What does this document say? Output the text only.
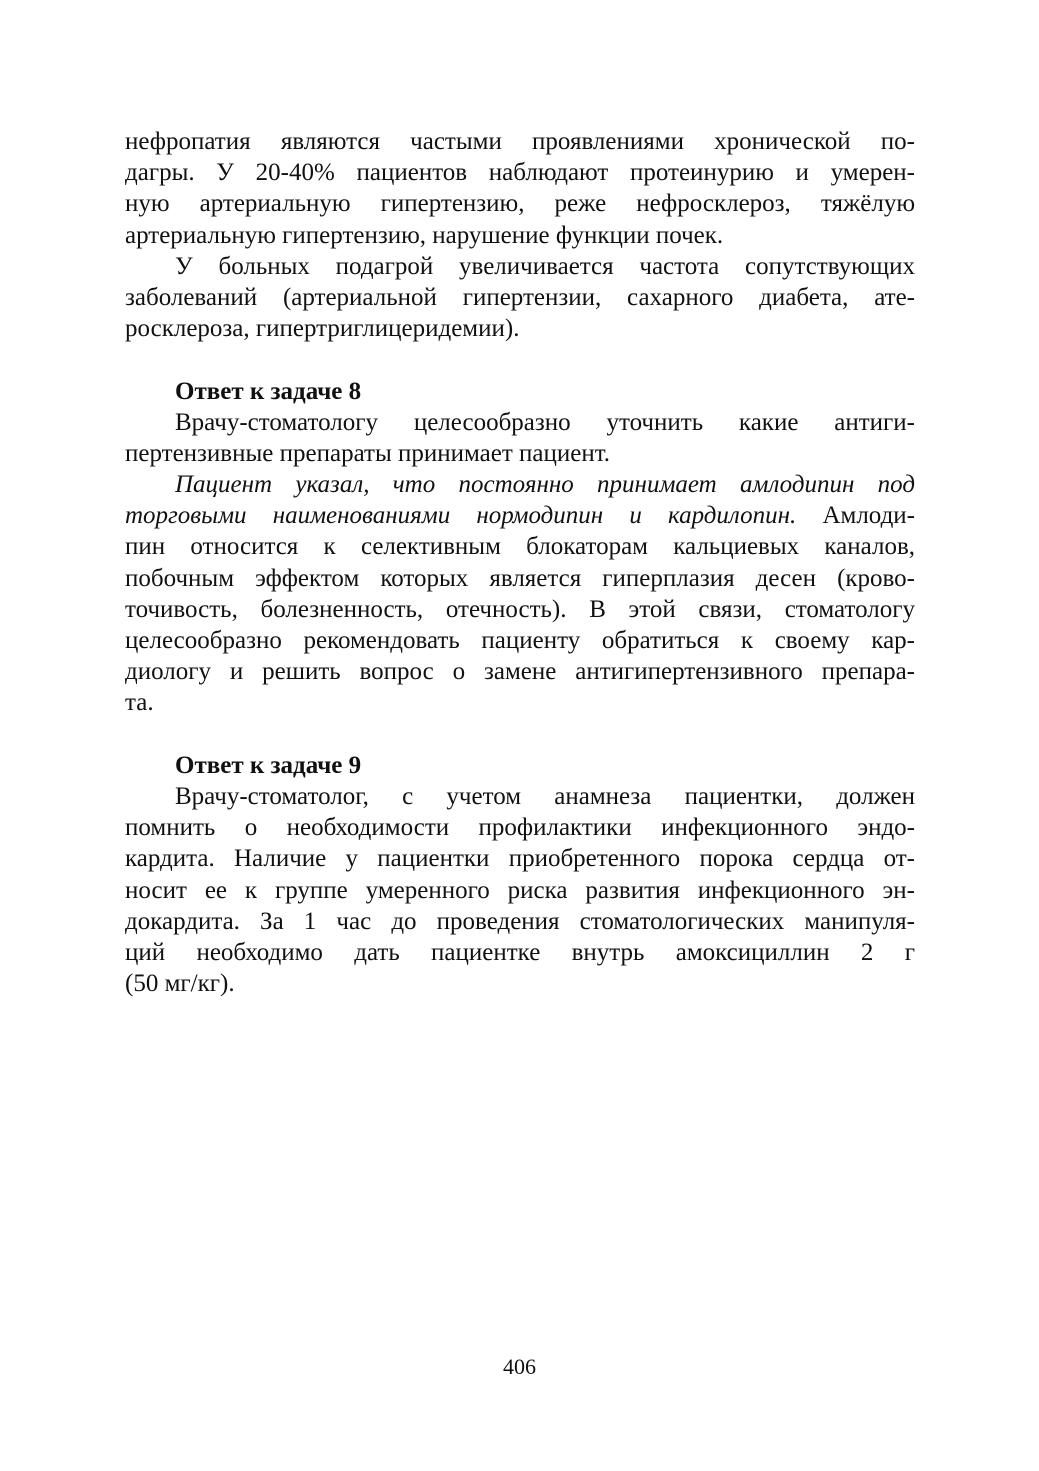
нефропатия являются частыми проявлениями хронической по-
дагры. У 20-40% пациентов наблюдают протеинурию и умерен-
ную артериальную гипертензию, реже нефросклероз, тяжёлую
артериальную гипертензию, нарушение функции почек.
У больных подагрой увеличивается частота сопутствующих
заболеваний (артериальной гипертензии, сахарного диабета, ате-
росклероза, гипертриглицеридемии).
Ответ к задаче 8
Врачу-стоматологу целесообразно уточнить какие антиги-
пертензивные препараты принимает пациент.
Пациент указал, что постоянно принимает амлодипин под
торговыми наименованиями нормодипин и кардилопин. Амлоди-
пин относится к селективным блокаторам кальциевых каналов,
побочным эффектом которых является гиперплазия десен (крово-
точивость, болезненность, отечность). В этой связи, стоматологу
целесообразно рекомендовать пациенту обратиться к своему кар-
диологу и решить вопрос о замене антигипертензивного препара-
та.
Ответ к задаче 9
Врачу-стоматолог, с учетом анамнеза пациентки, должен
помнить о необходимости профилактики инфекционного эндо-
кардита. Наличие у пациентки приобретенного порока сердца от-
носит ее к группе умеренного риска развития инфекционного эн-
докардита. За 1 час до проведения стоматологических манипуля-
ций необходимо дать пациентке внутрь амоксициллин 2 г
(50 мг/кг).
406
